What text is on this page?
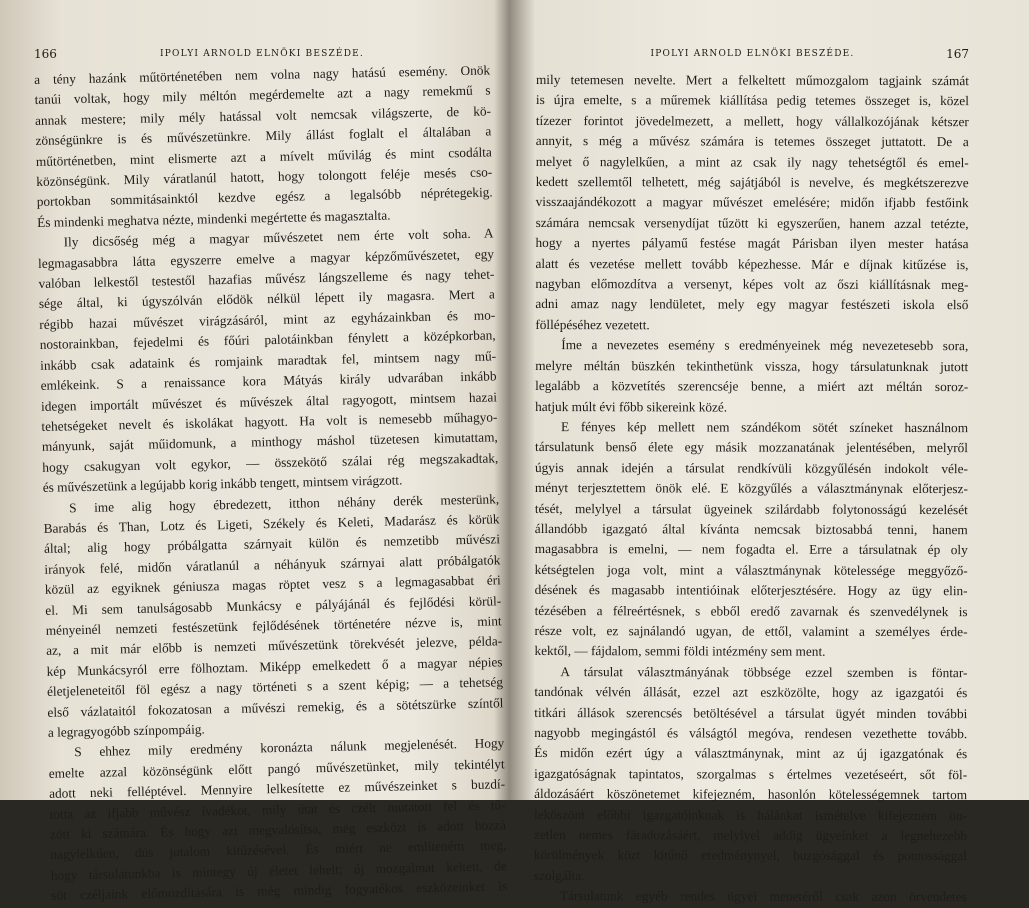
166	IPOLYI ARNOLD ELNÖKI BESZÉDE.
a tény hazánk műtörténetében nem volna nagy hatású esemény. Onök
tanúi voltak, hogy mily méltón megérdemelte azt a nagy remekmű s
annak mestere; mily mély hatással volt nemcsak világszerte, de kö-
zönségünkre is és művészetünkre. Mily állást foglalt el általában a
műtörténetben, mint elismerte azt a mívelt művilág és mint csodálta
közönségünk. Mily váratlanúl hatott, hogy tolongott feléje mesés cso-
portokban sommitásainktól kezdve egész a legalsóbb néprétegekig.
És mindenki meghatva nézte, mindenki megértette és magasztalta.
Ily dicsőség még a magyar művészetet nem érte volt soha. A
legmagasabbra látta egyszerre emelve a magyar képzőművészetet, egy
valóban lelkestől testestől hazafias művész lángszelleme és nagy tehet-
sége által, ki úgyszólván elődök nélkül lépett ily magasra. Mert a
régibb hazai művészet virágzásáról, mint az egyházainkban és mo-
nostorainkban, fejedelmi és főúri palotáinkban fénylett a középkorban,
inkább csak adataink és romjaink maradtak fel, mintsem nagy mű-
emlékeink. S a renaissance kora Mátyás király udvarában inkább
idegen importált művészet és művészek által ragyogott, mintsem hazai
tehetségeket nevelt és iskolákat hagyott. Ha volt is nemesebb műhagyo-
mányunk, saját műidomunk, a minthogy máshol tüzetesen kimutattam,
hogy csakugyan volt egykor, — összekötő szálai rég megszakadtak,
és művészetünk a legújabb korig inkább tengett, mintsem virágzott.
S ime alig hogy ébredezett, itthon néhány derék mesterünk,
Barabás és Than, Lotz és Ligeti, Székely és Keleti, Madarász és körük
által; alig hogy próbálgatta szárnyait külön és nemzetibb művészi
irányok felé, midőn váratlanúl a néhányuk szárnyai alatt próbálgatók
közül az egyiknek géniusza magas röptet vesz s a legmagasabbat éri
el. Mi sem tanulságosabb Munkácsy e pályájánál és fejlődési körül-
ményeinél nemzeti festészetünk fejlődésének történetére nézve is, mint
az, a mit már előbb is nemzeti művészetünk törekvését jelezve, példa-
kép Munkácsyról erre fölhoztam. Miképp emelkedett ő a magyar népies
életjeleneteitől föl egész a nagy történeti s a szent képig; — a tehetség
első vázlataitól fokozatosan a művészi remekig, és a sötétszürke színtől
a legragyogóbb színpompáig.
S ehhez mily eredmény koronázta nálunk megjelenését. Hogy
emelte azzal közönségünk előtt pangó művészetünket, mily tekintélyt
adott neki felléptével. Mennyire lelkesítette ez művészeinket s buzdí-
totta az ifjabb művész ivadékot, mily útat és czélt mutatott fel és tű-
zött ki számára. És hogy azt megvalósítsa, még eszközt is adott hozzá
nagylelkűen, dús jutalom kitűzésével. És miért ne említeném meg,
hogy társulatunkba is mintegy új életet lehelt; új mozgalmat keltett, de
söt czéljaink előmozdítására is még mindig fogyatékos eszközeinket is
IPOLYI ARNOLD ELNÖKI BESZÉDE.	167
mily tetemesen nevelte. Mert a felkeltett műmozgalom tagjaink számát
is újra emelte, s a műremek kiállítása pedig tetemes összeget is, közel
tízezer forintot jövedelmezett, a mellett, hogy vállalkozójának kétszer
annyit, s még a művész számára is tetemes összeget juttatott. De a
melyet ő nagylelkűen, a mint az csak ily nagy tehetségtől és emel-
kedett szellemtől telhetett, még sajátjából is nevelve, és megkétszerezve
visszaajándékozott a magyar művészet emelésére; midőn ifjabb festőink
számára nemcsak versenydíjat tűzött ki egyszerűen, hanem azzal tetézte,
hogy a nyertes pályamű festése magát Párisban ilyen mester hatása
alatt és vezetése mellett tovább képezhesse. Már e díjnak kitűzése is,
nagyban előmozdítva a versenyt, képes volt az őszi kiállításnak meg-
adni amaz nagy lendületet, mely egy magyar festészeti iskola első
föllépéséhez vezetett.
Íme a nevezetes esemény s eredményeinek még nevezetesebb sora,
melyre méltán büszkén tekinthetünk vissza, hogy társulatunknak jutott
legalább a közvetítés szerencséje benne, a miért azt méltán soroz-
hatjuk múlt évi főbb sikereink közé.
E fényes kép mellett nem szándékom sötét színeket használnom
társulatunk benső élete egy másik mozzanatának jelentésében, melyről
úgyis annak idején a társulat rendkívüli közgyűlésén indokolt véle-
ményt terjesztettem önök elé. E közgyűlés a választmánynak előterjesz-
tését, melylyel a társulat ügyeinek szilárdabb folytonosságú kezelését
állandóbb igazgató által kívánta nemcsak biztosabbá tenni, hanem
magasabbra is emelni, — nem fogadta el. Erre a társulatnak ép oly
kétségtelen joga volt, mint a választmánynak kötelessége meggyőző-
désének és magasabb intentióinak előterjesztésére. Hogy az ügy elin-
tézésében a félreértésnek, s ebből eredő zavarnak és szenvedélynek is
része volt, ez sajnálandó ugyan, de ettől, valamint a személyes érde-
kektől, — fájdalom, semmi földi intézmény sem ment.
A társulat választmányának többsége ezzel szemben is föntar-
tandónak vélvén állását, ezzel azt eszközölte, hogy az igazgatói és
titkári állások szerencsés betöltésével a társulat ügyét minden további
nagyobb megingástól és válságtól megóva, rendesen vezethette tovább.
És midőn ezért úgy a választmánynak, mint az új igazgatónak és
igazgatóságnak tapintatos, szorgalmas s értelmes vezetéseért, sőt föl-
áldozásáért köszönetemet kifejezném, hasonlón kötelességemnek tartom
leköszönt előbbi igazgatóinknak is hálánkat ismételve kifejeznem ön-
zetlen nemes fáradozásáért, melylyel addig ügyeinket a legnehezebb
körülmények közt kitűnő eredménynyel, buzgósággal és pontossággal
szolgálta.
Társulatunk egyéb rendes ügyei menetéről csak azon örvendetes
